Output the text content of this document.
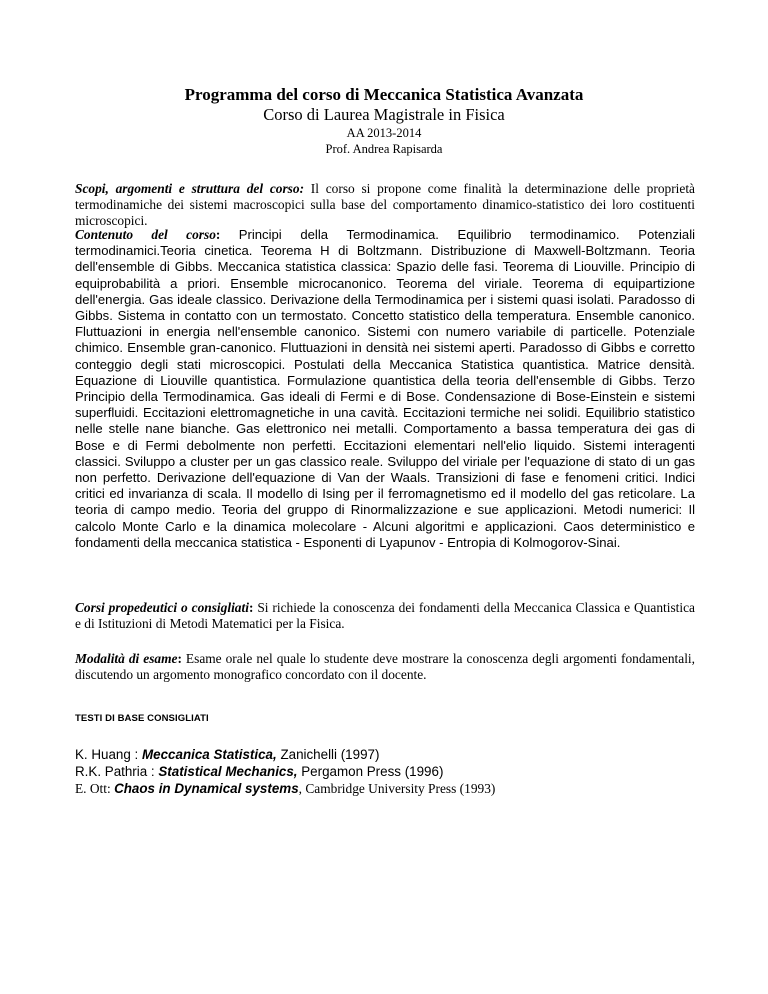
Programma del corso di Meccanica Statistica Avanzata

Corso di Laurea Magistrale in Fisica

AA 2013-2014

Prof. Andrea Rapisarda

Scopi, argomenti e struttura del corso: Il corso si propone come finalità la determinazione delle proprietà termodinamiche dei sistemi macroscopici sulla base del comportamento dinamico-statistico dei loro costituenti microscopici.
Contenuto del corso: Principi della Termodinamica. Equilibrio termodinamico. Potenziali termodinamici.Teoria cinetica. Teorema H di Boltzmann. Distribuzione di Maxwell-Boltzmann. Teoria dell'ensemble di Gibbs. Meccanica statistica classica: Spazio delle fasi. Teorema di Liouville. Principio di equiprobabilità a priori. Ensemble microcanonico. Teorema del viriale. Teorema di equipartizione dell'energia. Gas ideale classico. Derivazione della Termodinamica per i sistemi quasi isolati. Paradosso di Gibbs. Sistema in contatto con un termostato. Concetto statistico della temperatura. Ensemble canonico. Fluttuazioni in energia nell'ensemble canonico. Sistemi con numero variabile di particelle. Potenziale chimico. Ensemble gran-canonico. Fluttuazioni in densità nei sistemi aperti. Paradosso di Gibbs e corretto conteggio degli stati microscopici. Postulati della Meccanica Statistica quantistica. Matrice densità. Equazione di Liouville quantistica. Formulazione quantistica della teoria dell'ensemble di Gibbs. Terzo Principio della Termodinamica. Gas ideali di Fermi e di Bose. Condensazione di Bose-Einstein e sistemi superfluidi. Eccitazioni elettromagnetiche in una cavità. Eccitazioni termiche nei solidi. Equilibrio statistico nelle stelle nane bianche. Gas elettronico nei metalli. Comportamento a bassa temperatura dei gas di Bose e di Fermi debolmente non perfetti. Eccitazioni elementari nell'elio liquido. Sistemi interagenti classici. Sviluppo a cluster per un gas classico reale. Sviluppo del viriale per l'equazione di stato di un gas non perfetto. Derivazione dell'equazione di Van der Waals. Transizioni di fase e fenomeni critici. Indici critici ed invarianza di scala. Il modello di Ising per il ferromagnetismo ed il modello del gas reticolare. La teoria di campo medio. Teoria del gruppo di Rinormalizzazione e sue applicazioni. Metodi numerici: Il calcolo Monte Carlo e la dinamica molecolare - Alcuni algoritmi e applicazioni. Caos deterministico e fondamenti della meccanica statistica - Esponenti di Lyapunov - Entropia di Kolmogorov-Sinai.
Corsi propedeutici o consigliati: Si richiede la conoscenza dei fondamenti della Meccanica Classica e Quantistica e di Istituzioni di Metodi Matematici per la Fisica.
Modalità di esame: Esame orale nel quale lo studente deve mostrare la conoscenza degli argomenti fondamentali, discutendo un argomento monografico concordato con il docente.
TESTI DI BASE CONSIGLIATI

K. Huang : Meccanica Statistica, Zanichelli (1997)

R.K. Pathria : Statistical Mechanics, Pergamon Press (1996)

E. Ott: Chaos in Dynamical systems, Cambridge University Press (1993)
